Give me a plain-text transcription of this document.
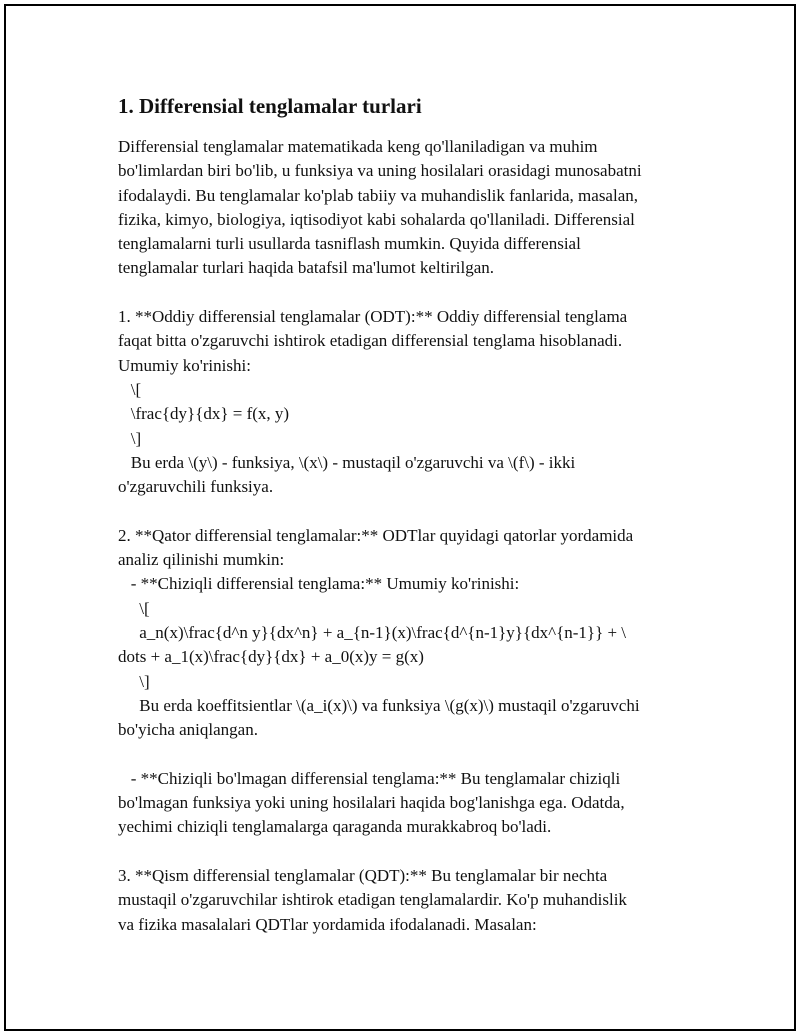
1. Differensial tenglamalar turlari
Differensial tenglamalar matematikada keng qo'llaniladigan va muhim
bo'limlardan biri bo'lib, u funksiya va uning hosilalari orasidagi munosabatni
ifodalaydi. Bu tenglamalar ko'plab tabiiy va muhandislik fanlarida, masalan,
fizika, kimyo, biologiya, iqtisodiyot kabi sohalarda qo'llaniladi. Differensial
tenglamalarni turli usullarda tasniflash mumkin. Quyida differensial
tenglamalar turlari haqida batafsil ma'lumot keltirilgan.
1. **Oddiy differensial tenglamalar (ODT):** Oddiy differensial tenglama
faqat bitta o'zgaruvchi ishtirok etadigan differensial tenglama hisoblanadi.
Umumiy ko'rinishi:
\[
\frac{dy}{dx} = f(x, y)
\]
Bu erda \(y\) - funksiya, \(x\) - mustaqil o'zgaruvchi va \(f\) - ikki
o'zgaruvchili funksiya.
2. **Qator differensial tenglamalar:** ODTlar quyidagi qatorlar yordamida
analiz qilinishi mumkin:
- **Chiziqli differensial tenglama:** Umumiy ko'rinishi:
\[
a_n(x)\frac{d^n y}{dx^n} + a_{n-1}(x)\frac{d^{n-1}y}{dx^{n-1}} + \
dots + a_1(x)\frac{dy}{dx} + a_0(x)y = g(x)
\]
Bu erda koeffitsientlar \(a_i(x)\) va funksiya \(g(x)\) mustaqil o'zgaruvchi
bo'yicha aniqlangan.
- **Chiziqli bo'lmagan differensial tenglama:** Bu tenglamalar chiziqli
bo'lmagan funksiya yoki uning hosilalari haqida bog'lanishga ega. Odatda,
yechimi chiziqli tenglamalarga qaraganda murakkabroq bo'ladi.
3. **Qism differensial tenglamalar (QDT):** Bu tenglamalar bir nechta
mustaqil o'zgaruvchilar ishtirok etadigan tenglamalardir. Ko'p muhandislik
va fizika masalalari QDTlar yordamida ifodalanadi. Masalan:
